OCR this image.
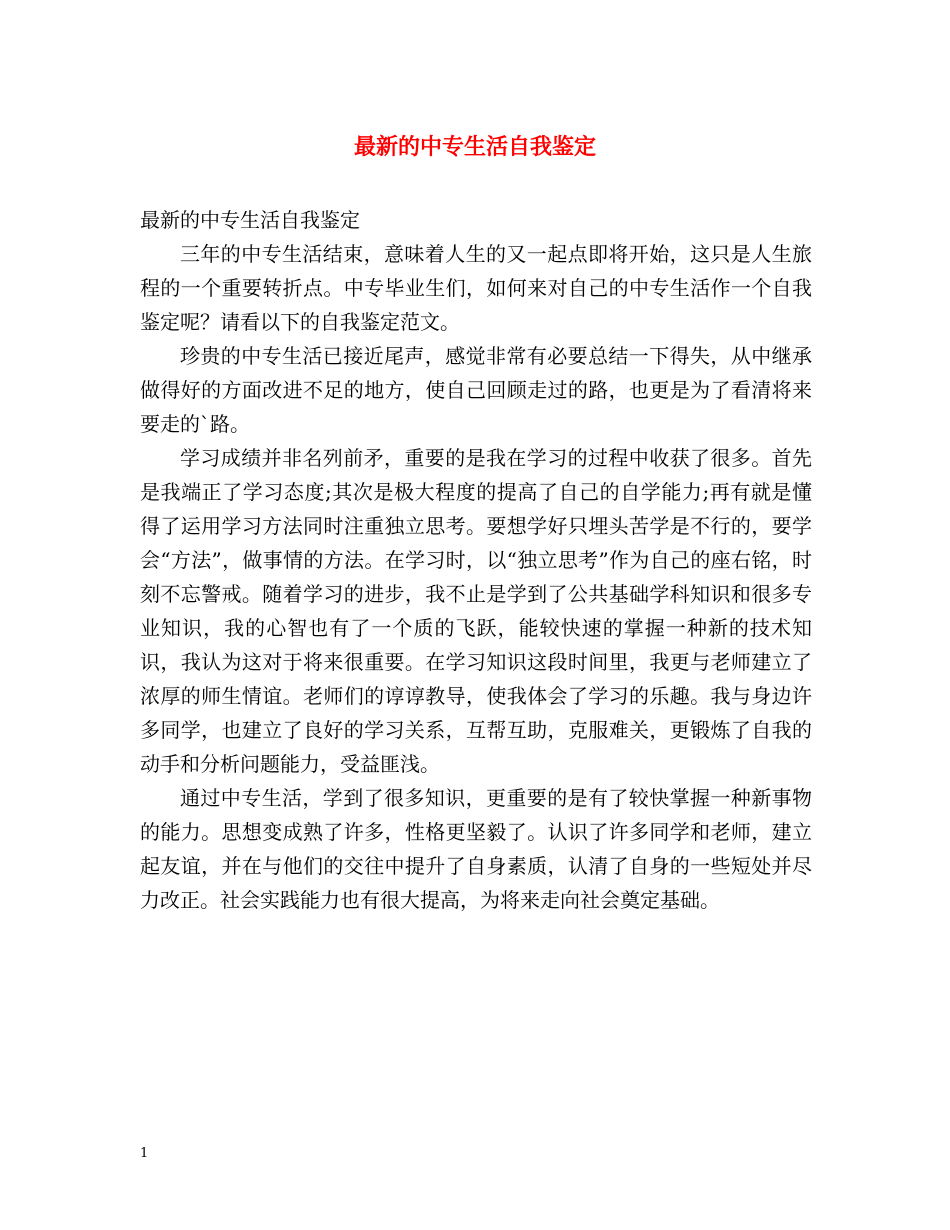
最新的中专生活自我鉴定

最新的中专生活自我鉴定

三年的中专生活结束，意味着人生的又一起点即将开始，这只是人生旅程的一个重要转折点。中专毕业生们，如何来对自己的中专生活作一个自我鉴定呢？请看以下的自我鉴定范文。

珍贵的中专生活已接近尾声，感觉非常有必要总结一下得失，从中继承做得好的方面改进不足的地方，使自己回顾走过的路，也更是为了看清将来要走的`路。

学习成绩并非名列前矛，重要的是我在学习的过程中收获了很多。首先是我端正了学习态度;其次是极大程度的提高了自己的自学能力;再有就是懂得了运用学习方法同时注重独立思考。要想学好只埋头苦学是不行的，要学会“方法”，做事情的方法。在学习时，以“独立思考”作为自己的座右铭，时刻不忘警戒。随着学习的进步，我不止是学到了公共基础学科知识和很多专业知识，我的心智也有了一个质的飞跃，能较快速的掌握一种新的技术知识，我认为这对于将来很重要。在学习知识这段时间里，我更与老师建立了浓厚的师生情谊。老师们的谆谆教导，使我体会了学习的乐趣。我与身边许多同学，也建立了良好的学习关系，互帮互助，克服难关，更锻炼了自我的动手和分析问题能力，受益匪浅。

通过中专生活，学到了很多知识，更重要的是有了较快掌握一种新事物的能力。思想变成熟了许多，性格更坚毅了。认识了许多同学和老师，建立起友谊，并在与他们的交往中提升了自身素质，认清了自身的一些短处并尽力改正。社会实践能力也有很大提高，为将来走向社会奠定基础。

1
